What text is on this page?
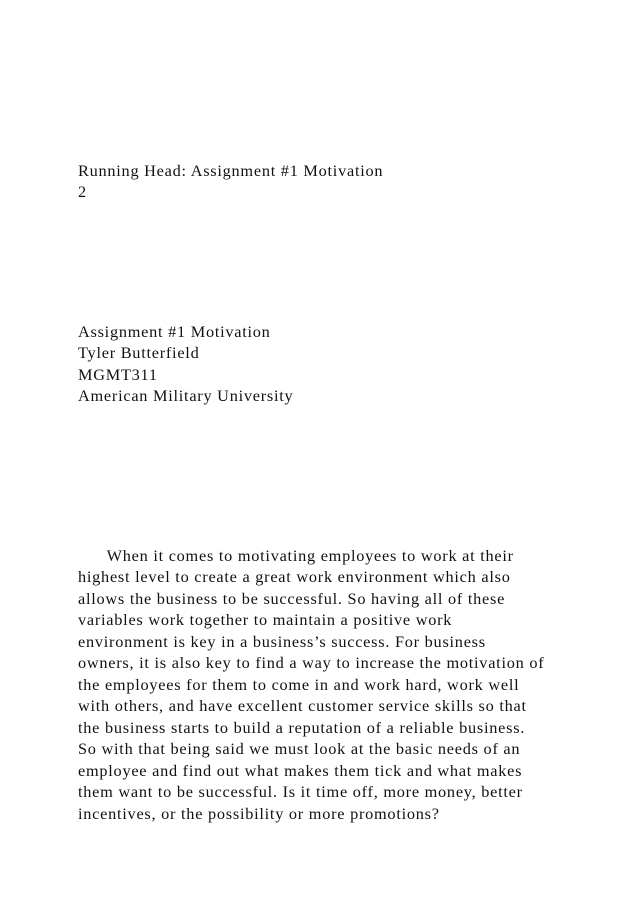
Running Head: Assignment #1 Motivation
2
Assignment #1 Motivation
Tyler Butterfield
MGMT311
American Military University
When it comes to motivating employees to work at their
highest level to create a great work environment which also
allows the business to be successful. So having all of these
variables work together to maintain a positive work
environment is key in a business’s success. For business
owners, it is also key to find a way to increase the motivation of
the employees for them to come in and work hard, work well
with others, and have excellent customer service skills so that
the business starts to build a reputation of a reliable business.
So with that being said we must look at the basic needs of an
employee and find out what makes them tick and what makes
them want to be successful. Is it time off, more money, better
incentives, or the possibility or more promotions?
